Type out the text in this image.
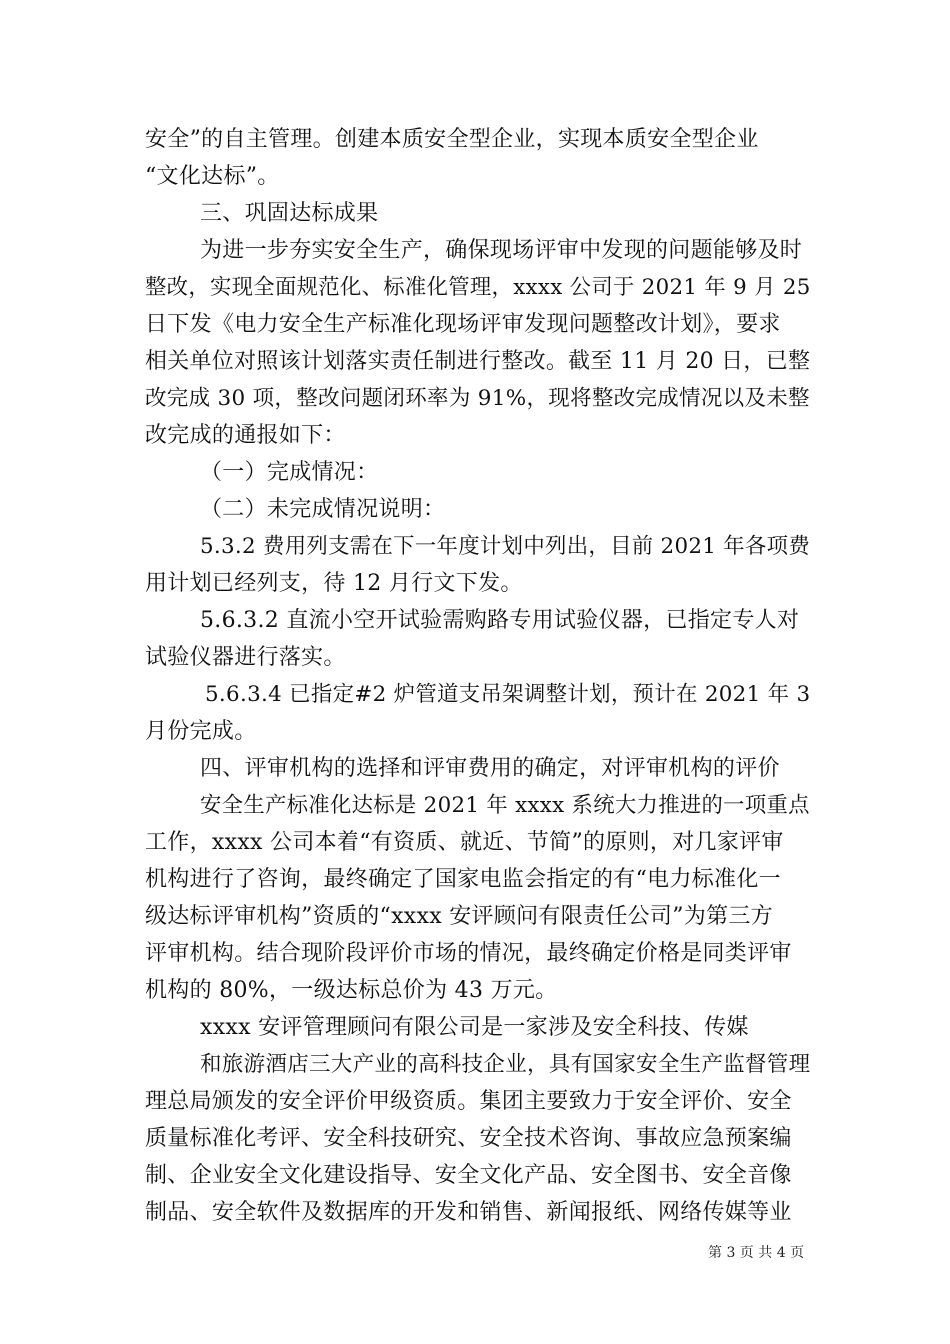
安全”的自主管理。创建本质安全型企业，实现本质安全型企业
“文化达标”。
三、巩固达标成果
为进一步夯实安全生产，确保现场评审中发现的问题能够及时
整改，实现全面规范化、标准化管理，xxxx 公司于 2021 年 9 月 25
日下发《电力安全生产标准化现场评审发现问题整改计划》，要求
相关单位对照该计划落实责任制进行整改。截至 11 月 20 日，已整
改完成 30 项，整改问题闭环率为 91%，现将整改完成情况以及未整
改完成的通报如下：
（一）完成情况：
（二）未完成情况说明：
5.3.2 费用列支需在下一年度计划中列出，目前 2021 年各项费
用计划已经列支，待 12 月行文下发。
5.6.3.2 直流小空开试验需购路专用试验仪器，已指定专人对
试验仪器进行落实。
5.6.3.4 已指定#2 炉管道支吊架调整计划，预计在 2021 年 3
月份完成。
四、评审机构的选择和评审费用的确定，对评审机构的评价
安全生产标准化达标是 2021 年 xxxx 系统大力推进的一项重点
工作，xxxx 公司本着“有资质、就近、节简”的原则，对几家评审
机构进行了咨询，最终确定了国家电监会指定的有“电力标准化一
级达标评审机构”资质的“xxxx 安评顾问有限责任公司”为第三方
评审机构。结合现阶段评价市场的情况，最终确定价格是同类评审
机构的 80%，一级达标总价为 43 万元。
xxxx 安评管理顾问有限公司是一家涉及安全科技、传媒
和旅游酒店三大产业的高科技企业，具有国家安全生产监督管理
理总局颁发的安全评价甲级资质。集团主要致力于安全评价、安全
质量标准化考评、安全科技研究、安全技术咨询、事故应急预案编
制、企业安全文化建设指导、安全文化产品、安全图书、安全音像
制品、安全软件及数据库的开发和销售、新闻报纸、网络传媒等业
第 3 页 共 4 页
